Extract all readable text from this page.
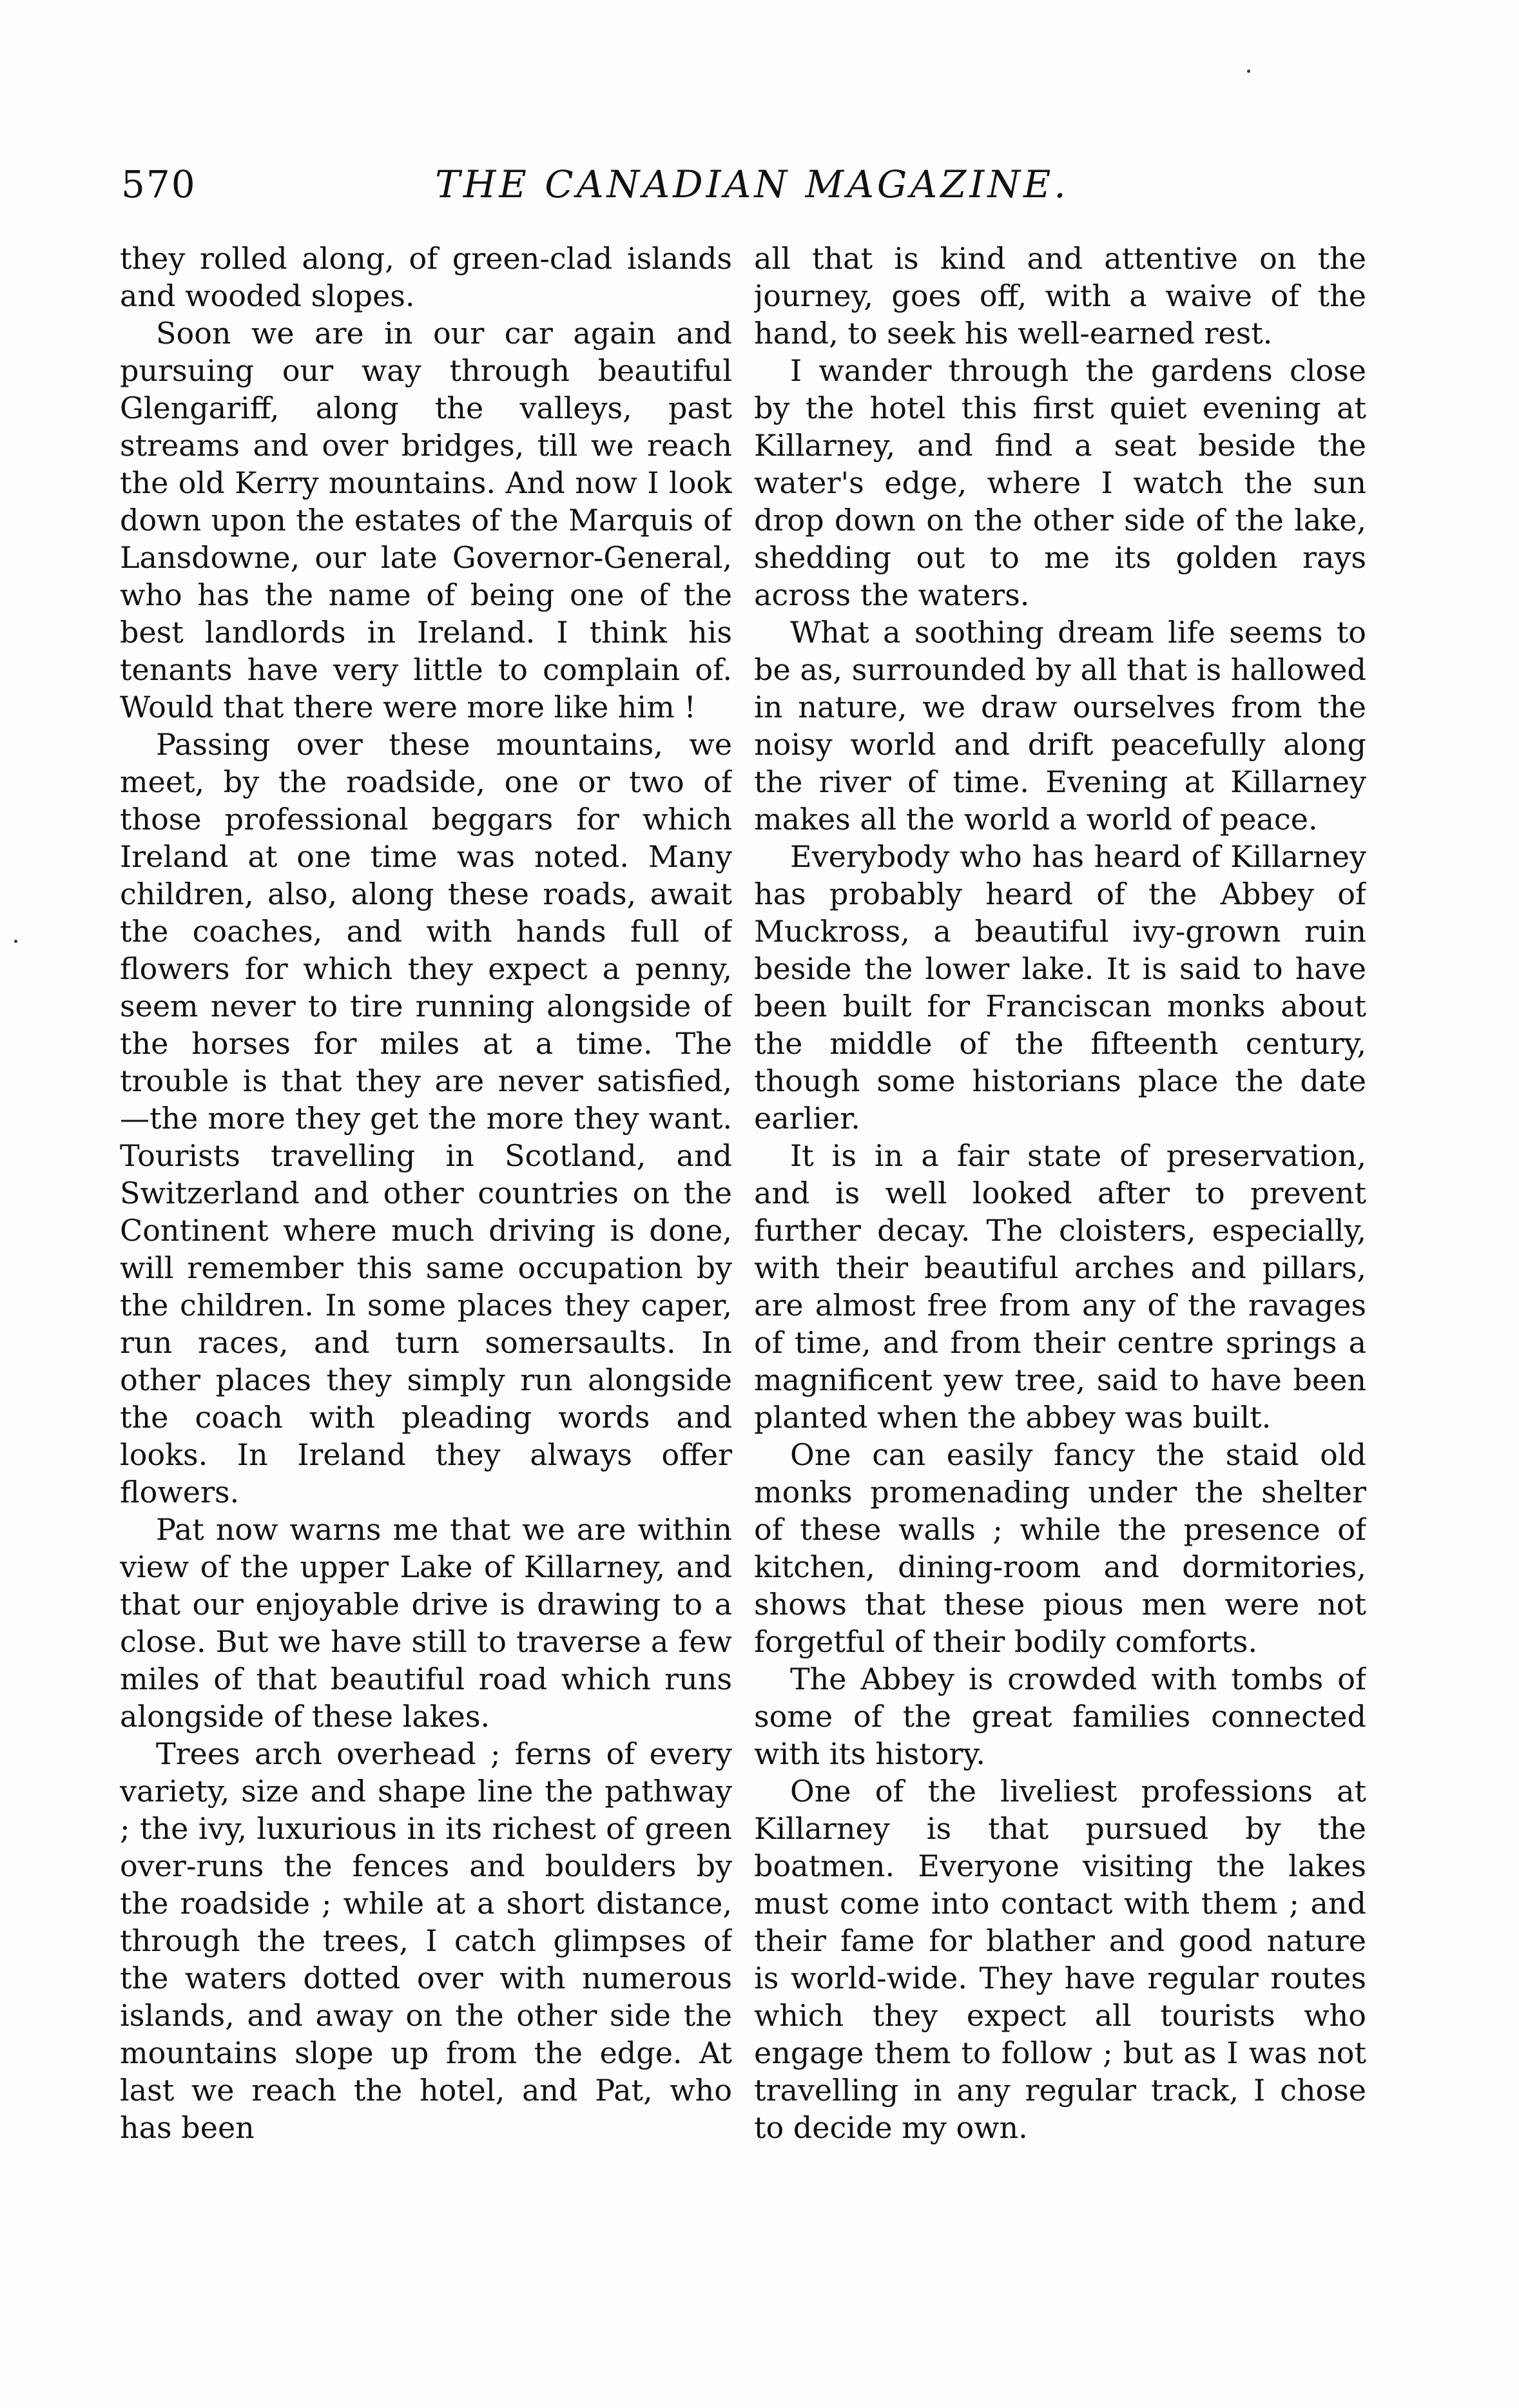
570	THE CANADIAN MAGAZINE.

they rolled along, of green-clad islands and wooded slopes.

Soon we are in our car again and pursuing our way through beautiful Glengariff, along the valleys, past streams and over bridges, till we reach the old Kerry mountains. And now I look down upon the estates of the Marquis of Lansdowne, our late Governor-General, who has the name of being one of the best landlords in Ireland. I think his tenants have very little to complain of. Would that there were more like him !

Passing over these mountains, we meet, by the roadside, one or two of those professional beggars for which Ireland at one time was noted. Many children, also, along these roads, await the coaches, and with hands full of flowers for which they expect a penny, seem never to tire running alongside of the horses for miles at a time. The trouble is that they are never satisfied, —the more they get the more they want. Tourists travelling in Scotland, and Switzerland and other countries on the Continent where much driving is done, will remember this same occupation by the children. In some places they caper, run races, and turn somersaults. In other places they simply run alongside the coach with pleading words and looks. In Ireland they always offer flowers.

Pat now warns me that we are within view of the upper Lake of Killarney, and that our enjoyable drive is drawing to a close. But we have still to traverse a few miles of that beautiful road which runs alongside of these lakes.

Trees arch overhead ; ferns of every variety, size and shape line the pathway ; the ivy, luxurious in its richest of green over-runs the fences and boulders by the roadside ; while at a short distance, through the trees, I catch glimpses of the waters dotted over with numerous islands, and away on the other side the mountains slope up from the edge. At last we reach the hotel, and Pat, who has been

all that is kind and attentive on the journey, goes off, with a waive of the hand, to seek his well-earned rest.

I wander through the gardens close by the hotel this first quiet evening at Killarney, and find a seat beside the water's edge, where I watch the sun drop down on the other side of the lake, shedding out to me its golden rays across the waters.

What a soothing dream life seems to be as, surrounded by all that is hallowed in nature, we draw ourselves from the noisy world and drift peacefully along the river of time. Evening at Killarney makes all the world a world of peace.

Everybody who has heard of Killarney has probably heard of the Abbey of Muckross, a beautiful ivy-grown ruin beside the lower lake. It is said to have been built for Franciscan monks about the middle of the fifteenth century, though some historians place the date earlier.

It is in a fair state of preservation, and is well looked after to prevent further decay. The cloisters, especially, with their beautiful arches and pillars, are almost free from any of the ravages of time, and from their centre springs a magnificent yew tree, said to have been planted when the abbey was built.

One can easily fancy the staid old monks promenading under the shelter of these walls ; while the presence of kitchen, dining-room and dormitories, shows that these pious men were not forgetful of their bodily comforts.

The Abbey is crowded with tombs of some of the great families connected with its history.

One of the liveliest professions at Killarney is that pursued by the boatmen. Everyone visiting the lakes must come into contact with them ; and their fame for blather and good nature is world-wide. They have regular routes which they expect all tourists who engage them to follow ; but as I was not travelling in any regular track, I chose to decide my own.
